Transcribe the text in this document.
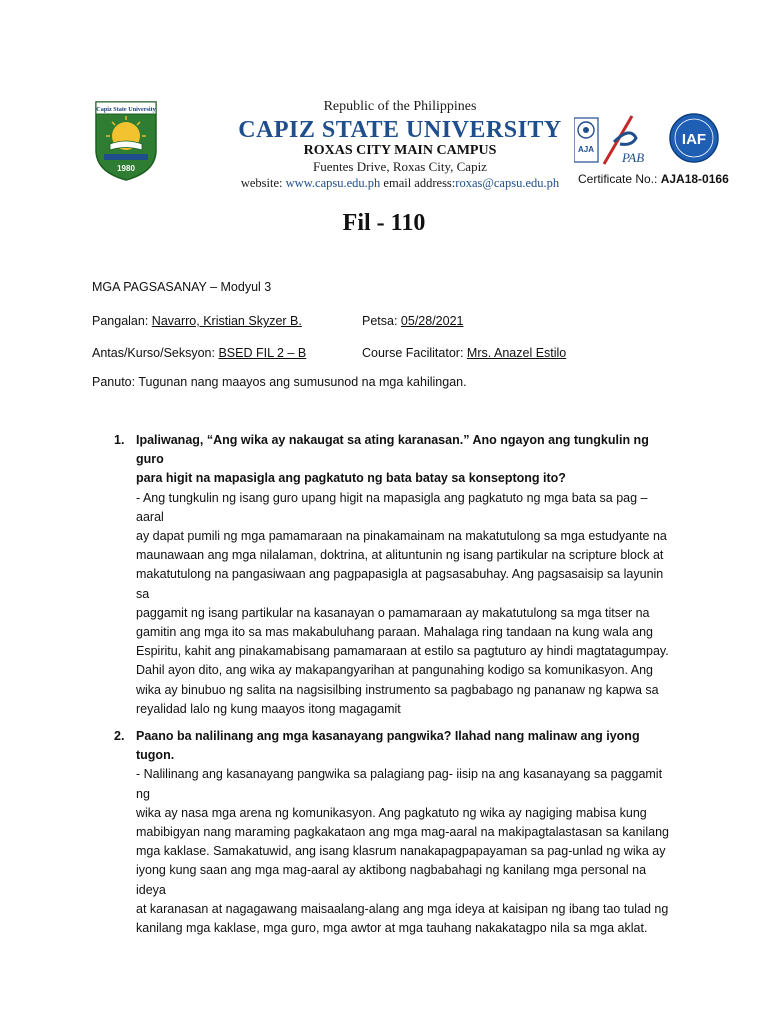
Capiz State University
1980
Republic of the Philippines
CAPIZ STATE UNIVERSITY
ROXAS CITY MAIN CAMPUS
Fuentes Drive, Roxas City, Capiz
website: www.capsu.edu.ph email address:roxas@capsu.edu.ph
AJA
PAB
IAF
Certificate No.: AJA18-0166
Fil - 110
MGA PAGSASANAY – Modyul 3
Pangalan: Navarro, Kristian Skyzer B.	Petsa: 05/28/2021
Antas/Kurso/Seksyon: BSED FIL 2 – B	Course Facilitator: Mrs. Anazel Estilo
Panuto: Tugunan nang maayos ang sumusunod na mga kahilingan.
1. Ipaliwanag, “Ang wika ay nakaugat sa ating karanasan.” Ano ngayon ang tungkulin ng guro
para higit na mapasigla ang pagkatuto ng bata batay sa konseptong ito?
- Ang tungkulin ng isang guro upang higit na mapasigla ang pagkatuto ng mga bata sa pag – aaral
ay dapat pumili ng mga pamamaraan na pinakamainam na makatutulong sa mga estudyante na
maunawaan ang mga nilalaman, doktrina, at alituntunin ng isang partikular na scripture block at
makatutulong na pangasiwaan ang pagpapasigla at pagsasabuhay. Ang pagsasaisip sa layunin sa
paggamit ng isang partikular na kasanayan o pamamaraan ay makatutulong sa mga titser na
gamitin ang mga ito sa mas makabuluhang paraan. Mahalaga ring tandaan na kung wala ang
Espiritu, kahit ang pinakamabisang pamamaraan at estilo sa pagtuturo ay hindi magtatagumpay.
Dahil ayon dito, ang wika ay makapangyarihan at pangunahing kodigo sa komunikasyon. Ang
wika ay binubuo ng salita na nagsisilbing instrumento sa pagbabago ng pananaw ng kapwa sa
reyalidad lalo ng kung maayos itong magagamit
2. Paano ba nalilinang ang mga kasanayang pangwika? Ilahad nang malinaw ang iyong tugon.
- Nalilinang ang kasanayang pangwika sa palagiang pag- iisip na ang kasanayang sa paggamit ng
wika ay nasa mga arena ng komunikasyon. Ang pagkatuto ng wika ay nagiging mabisa kung
mabibigyan nang maraming pagkakataon ang mga mag-aaral na makipagtalastasan sa kanilang
mga kaklase. Samakatuwid, ang isang klasrum nanakapagpapayaman sa pag-unlad ng wika ay
iyong kung saan ang mga mag-aaral ay aktibong nagbabahagi ng kanilang mga personal na ideya
at karanasan at nagagawang maisaalang-alang ang mga ideya at kaisipan ng ibang tao tulad ng
kanilang mga kaklase, mga guro, mga awtor at mga tauhang nakakatagpo nila sa mga aklat.
